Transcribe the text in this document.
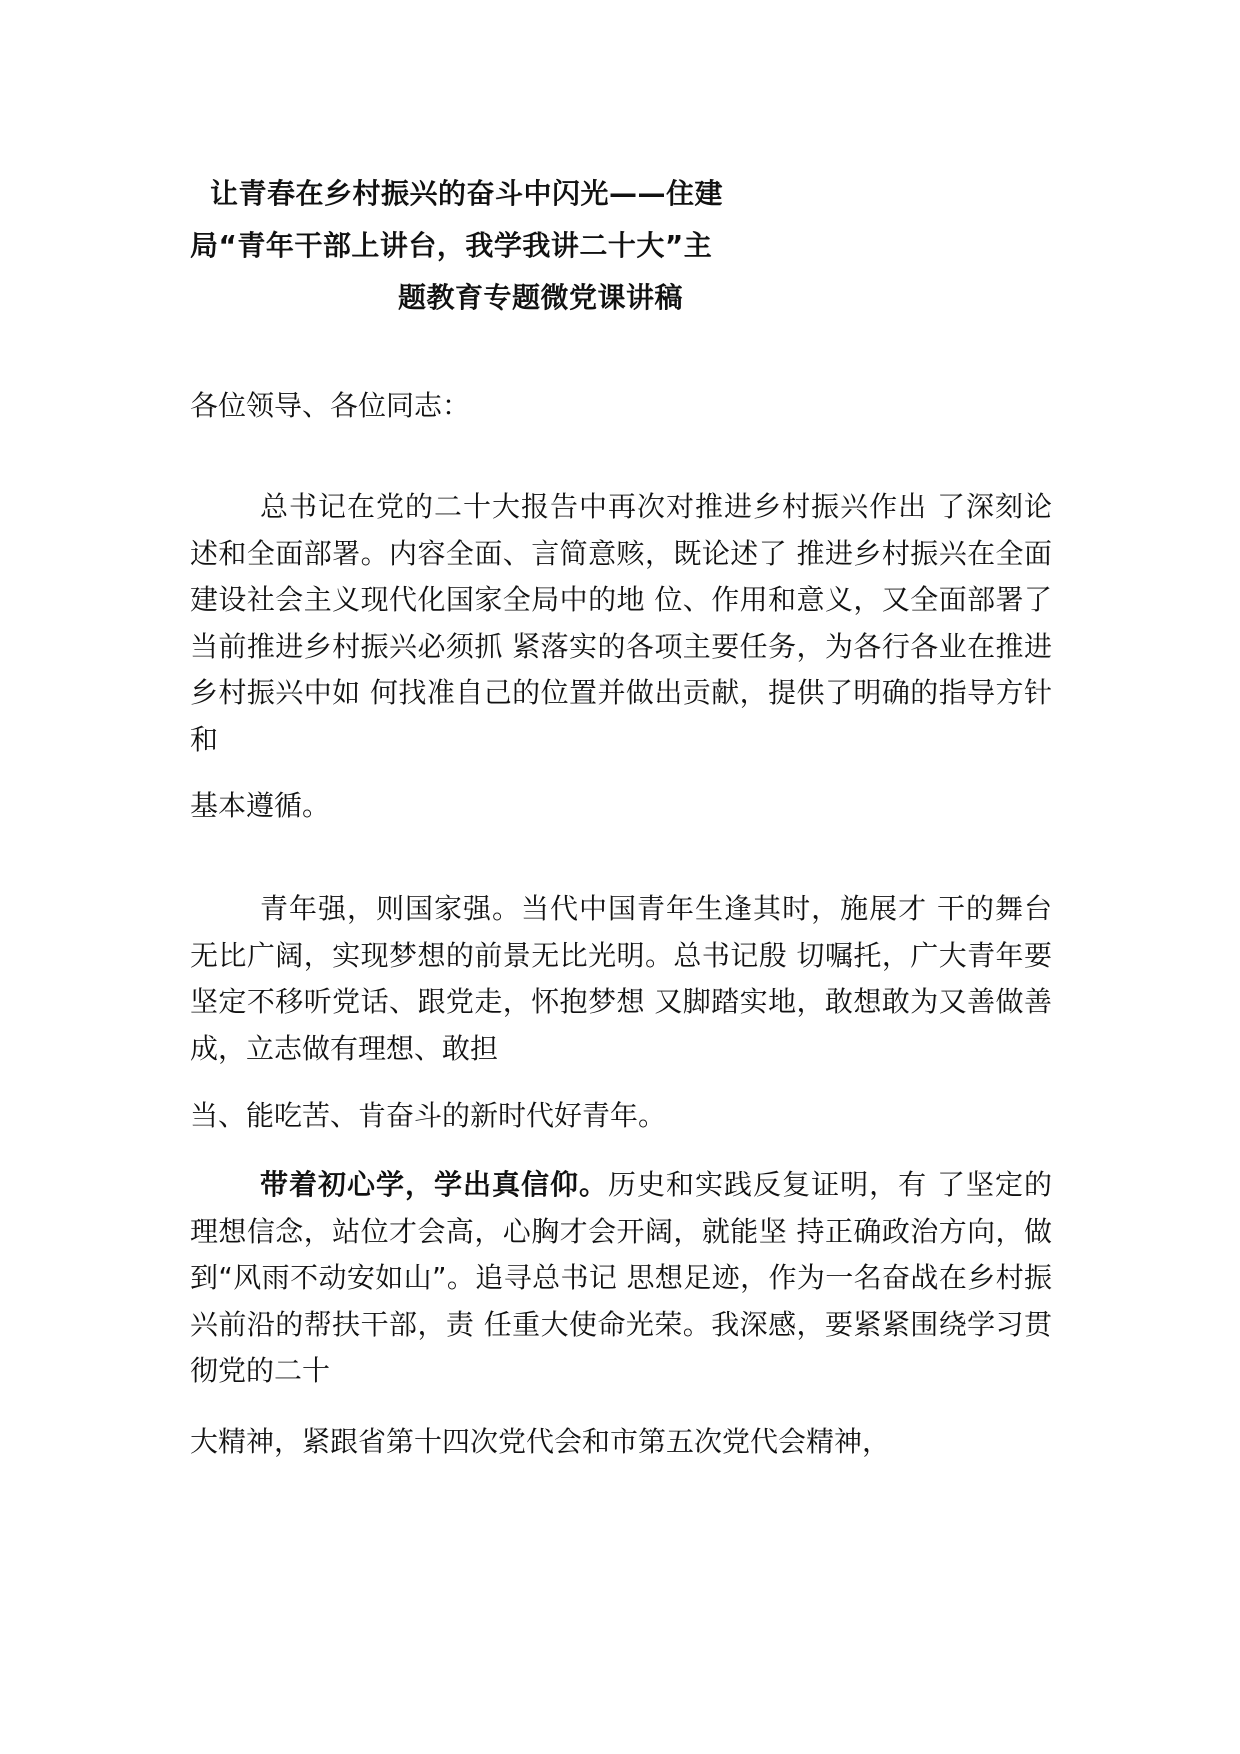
让青春在乡村振兴的奋斗中闪光——住建
局“青年干部上讲台，我学我讲二十大”主
题教育专题微党课讲稿
各位领导、各位同志：

总书记在党的二十大报告中再次对推进乡村振兴作出 了深刻论述和全面部署。内容全面、言简意赅，既论述了 推进乡村振兴在全面建设社会主义现代化国家全局中的地 位、作用和意义，又全面部署了当前推进乡村振兴必须抓 紧落实的各项主要任务，为各行各业在推进乡村振兴中如 何找准自己的位置并做出贡献，提供了明确的指导方针和

基本遵循。

青年强，则国家强。当代中国青年生逢其时，施展才 干的舞台无比广阔，实现梦想的前景无比光明。总书记殷 切嘱托，广大青年要坚定不移听党话、跟党走，怀抱梦想 又脚踏实地，敢想敢为又善做善成，立志做有理想、敢担

当、能吃苦、肯奋斗的新时代好青年。

带着初心学，学出真信仰。历史和实践反复证明，有 了坚定的理想信念，站位才会高，心胸才会开阔，就能坚 持正确政治方向，做到“风雨不动安如山”。追寻总书记 思想足迹，作为一名奋战在乡村振兴前沿的帮扶干部，责 任重大使命光荣。我深感，要紧紧围绕学习贯彻党的二十

大精神，紧跟省第十四次党代会和市第五次党代会精神，
